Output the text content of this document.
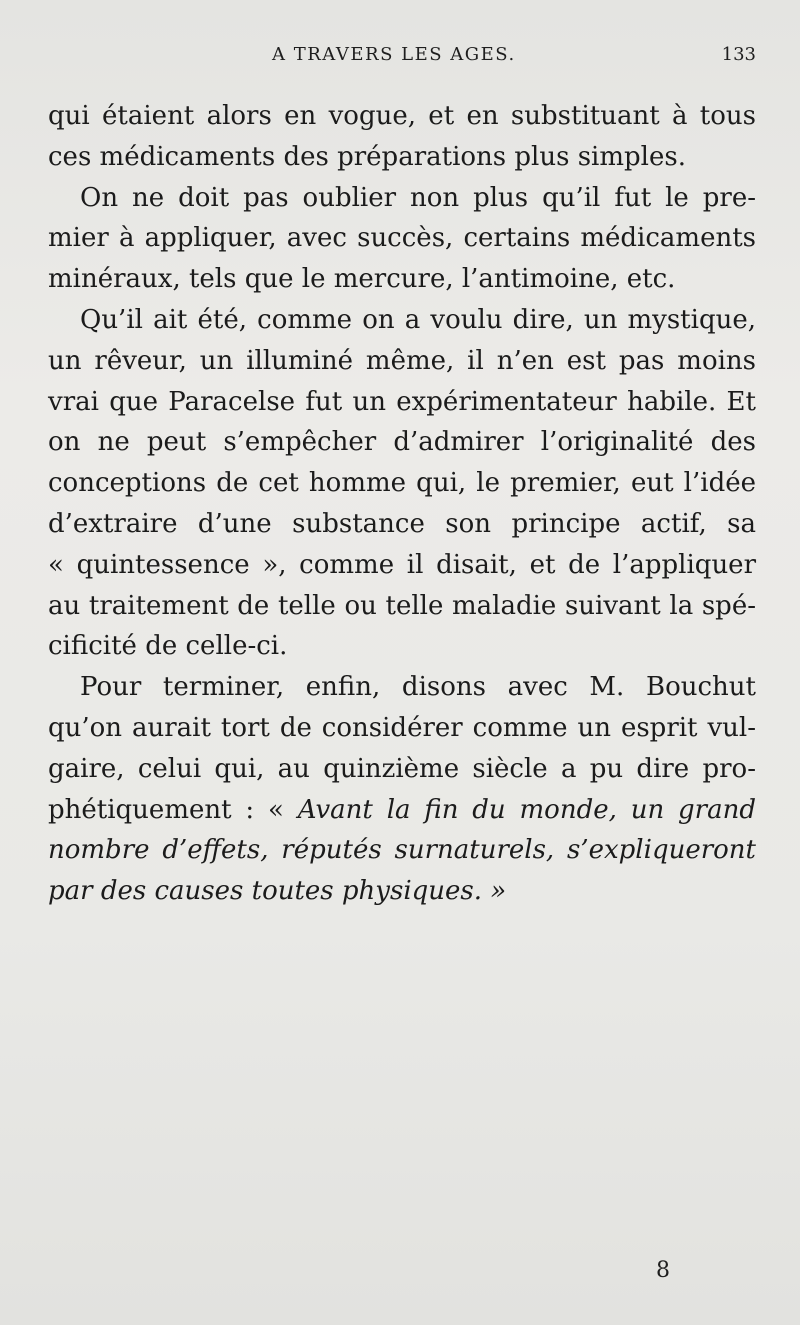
A TRAVERS LES AGES.	133
qui étaient alors en vogue, et en substituant à tous
ces médicaments des préparations plus simples.
On ne doit pas oublier non plus qu’il fut le pre-
mier à appliquer, avec succès, certains médicaments
minéraux, tels que le mercure, l’antimoine, etc.
Qu’il ait été, comme on a voulu dire, un mystique,
un rêveur, un illuminé même, il n’en est pas moins
vrai que Paracelse fut un expérimentateur habile. Et
on ne peut s’empêcher d’admirer l’originalité des
conceptions de cet homme qui, le premier, eut l’idée
d’extraire d’une substance son principe actif, sa
« quintessence », comme il disait, et de l’appliquer
au traitement de telle ou telle maladie suivant la spé-
cificité de celle-ci.
Pour terminer, enfin, disons avec M. Bouchut
qu’on aurait tort de considérer comme un esprit vul-
gaire, celui qui, au quinzième siècle a pu dire pro-
phétiquement : « Avant la fin du monde, un grand
nombre d’effets, réputés surnaturels, s’expliqueront
par des causes toutes physiques. »
8
